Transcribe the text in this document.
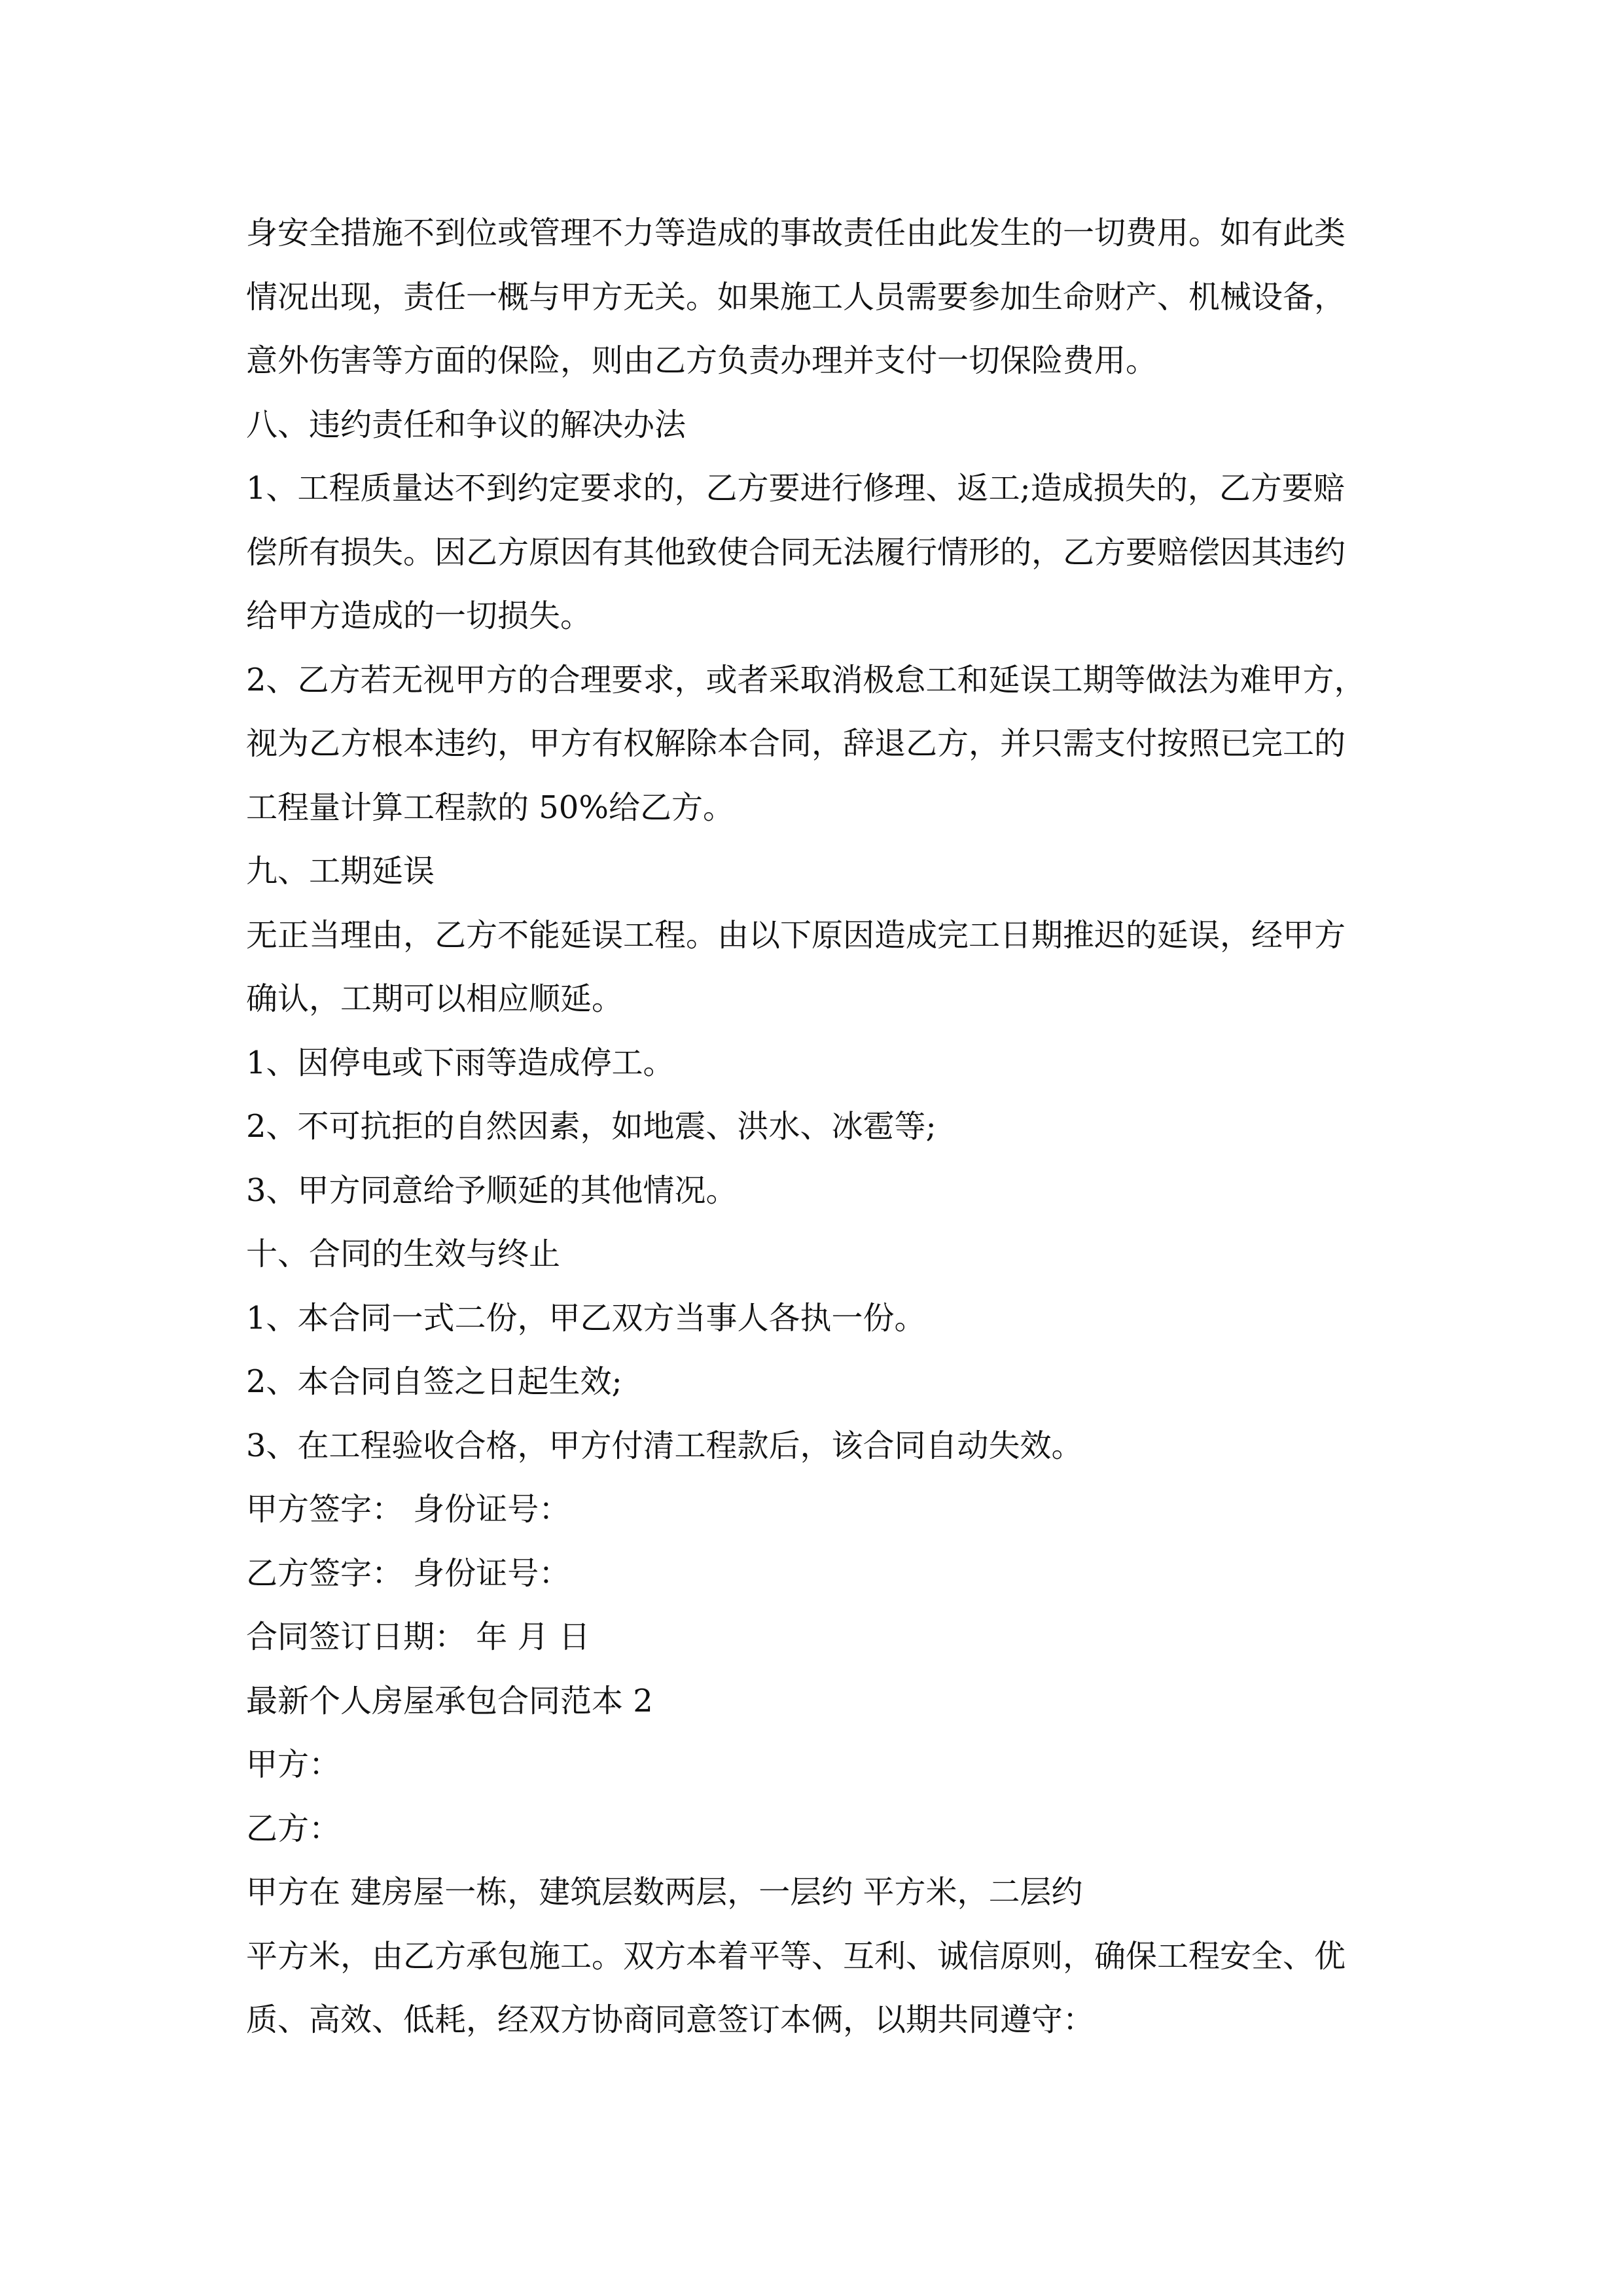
身安全措施不到位或管理不力等造成的事故责任由此发生的一切费用。如有此类
情况出现，责任一概与甲方无关。如果施工人员需要参加生命财产、机械设备，
意外伤害等方面的保险，则由乙方负责办理并支付一切保险费用。
八、违约责任和争议的解决办法
1、工程质量达不到约定要求的，乙方要进行修理、返工;造成损失的，乙方要赔
偿所有损失。因乙方原因有其他致使合同无法履行情形的，乙方要赔偿因其违约
给甲方造成的一切损失。
2、乙方若无视甲方的合理要求，或者采取消极怠工和延误工期等做法为难甲方，
视为乙方根本违约，甲方有权解除本合同，辞退乙方，并只需支付按照已完工的
工程量计算工程款的 50%给乙方。
九、工期延误
无正当理由，乙方不能延误工程。由以下原因造成完工日期推迟的延误，经甲方
确认，工期可以相应顺延。
1、因停电或下雨等造成停工。
2、不可抗拒的自然因素，如地震、洪水、冰雹等;
3、甲方同意给予顺延的其他情况。
十、合同的生效与终止
1、本合同一式二份，甲乙双方当事人各执一份。
2、本合同自签之日起生效;
3、在工程验收合格，甲方付清工程款后，该合同自动失效。
甲方签字： 身份证号：
乙方签字： 身份证号：
合同签订日期： 年 月 日
最新个人房屋承包合同范本 2
甲方：
乙方：
甲方在 建房屋一栋，建筑层数两层，一层约 平方米，二层约
平方米，由乙方承包施工。双方本着平等、互利、诚信原则，确保工程安全、优
质、高效、低耗，经双方协商同意签订本俩，以期共同遵守：
